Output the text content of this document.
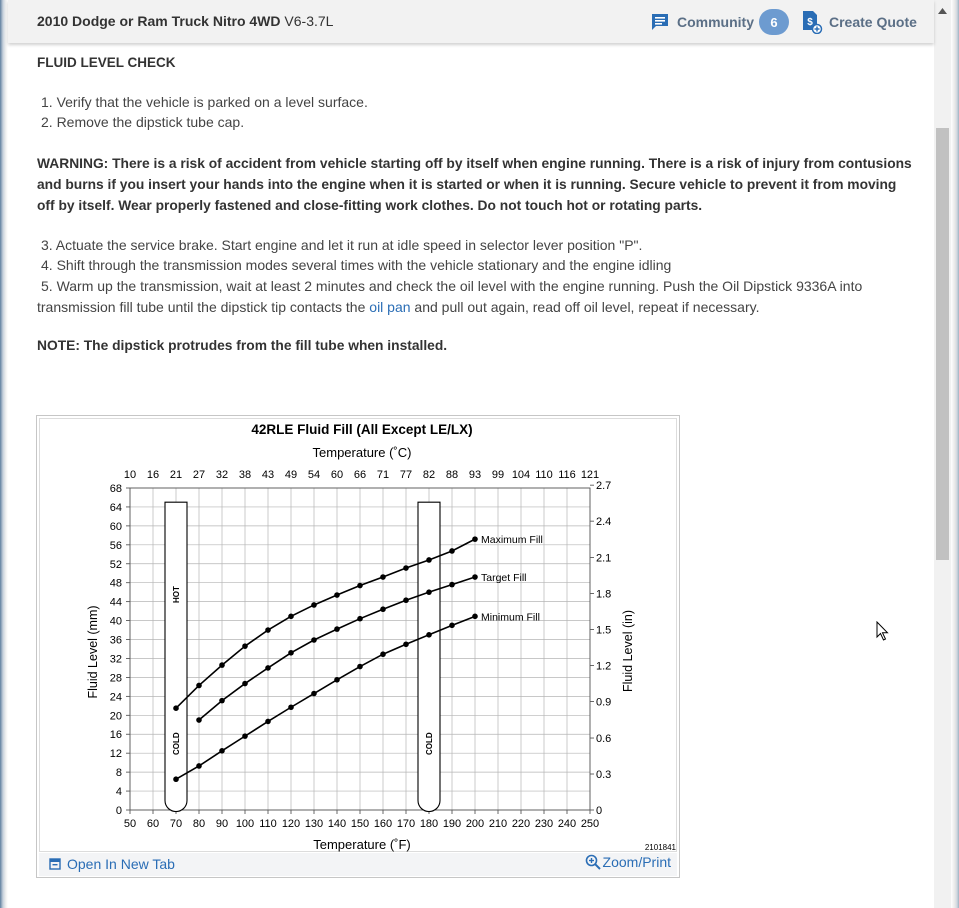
2010 Dodge or Ram Truck Nitro 4WD V6-3.7L	Community	6	$ Create Quote
FLUID LEVEL CHECK
1. Verify that the vehicle is parked on a level surface.
2. Remove the dipstick tube cap.
WARNING: There is a risk of accident from vehicle starting off by itself when engine running. There is a risk of injury from contusions and burns if you insert your hands into the engine when it is started or when it is running. Secure vehicle to prevent it from moving off by itself. Wear properly fastened and close-fitting work clothes. Do not touch hot or rotating parts.
3. Actuate the service brake. Start engine and let it run at idle speed in selector lever position "P".
4. Shift through the transmission modes several times with the vehicle stationary and the engine idling
5. Warm up the transmission, wait at least 2 minutes and check the oil level with the engine running. Push the Oil Dipstick 9336A into transmission fill tube until the dipstick tip contacts the oil pan and pull out again, read off oil level, repeat if necessary.
NOTE: The dipstick protrudes from the fill tube when installed.
42RLE Fluid Fill (All Except LE/LX)
Temperature (˚C)
Temperature (˚F)
Fluid Level (mm)	Fluid Level (in)
2101841
50 60 70 80 90 100 110 120 130 140 150 160 170 180 190 200 210 220 230 240 250
10 16 21 27 32 38 43 49 54 60 66 71 77 82 88 93 99 104 110 116 121
0
4
8
12
16
20
24
28
32
36
40
44
48
52
56
60
64
68
0
0.3
0.6
0.9
1.2
1.5
1.8
2.1
2.4
2.7
HOT
COLD	COLD
Maximum Fill
Target Fill
Minimum Fill
Open In New Tab	Zoom/Print
